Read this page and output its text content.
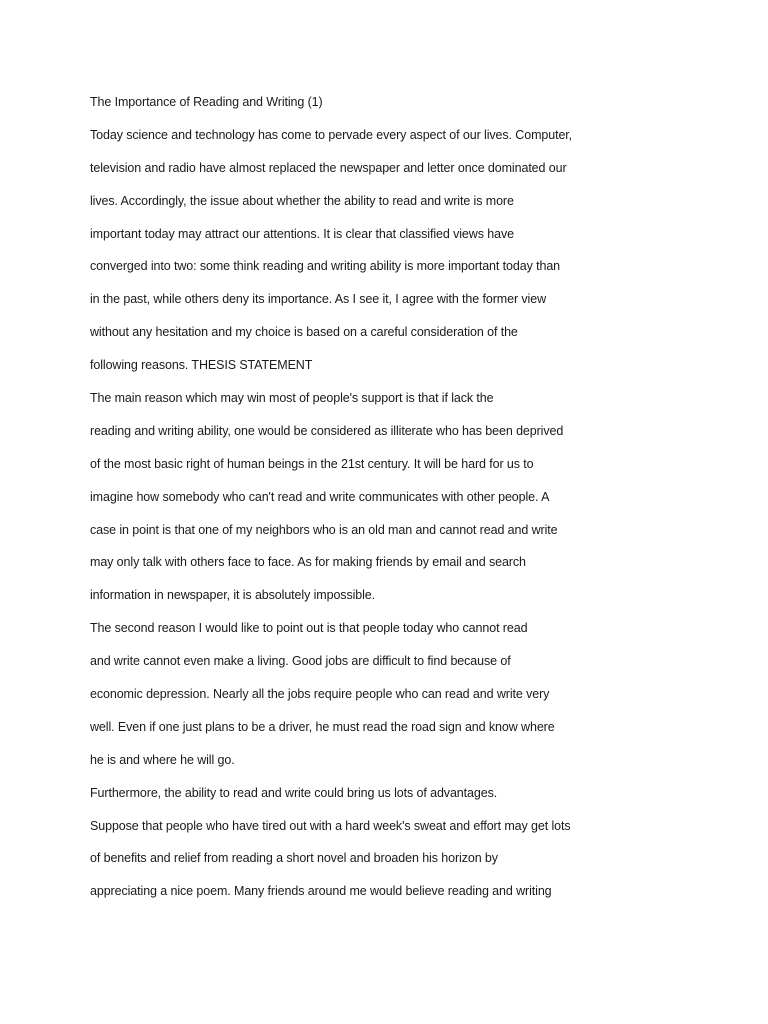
The Importance of Reading and Writing (1)
Today science and technology has come to pervade every aspect of our lives. Computer,
television and radio have almost replaced the newspaper and letter once dominated our
lives. Accordingly, the issue about whether the ability to read and write is more
important today may attract our attentions. It is clear that classified views have
converged into two: some think reading and writing ability is more important today than
in the past, while others deny its importance. As I see it, I agree with the former view
without any hesitation and my choice is based on a careful consideration of the
following reasons. THESIS STATEMENT
The main reason which may win most of people's support is that if lack the
reading and writing ability, one would be considered as illiterate who has been deprived
of the most basic right of human beings in the 21st century. It will be hard for us to
imagine how somebody who can't read and write communicates with other people. A
case in point is that one of my neighbors who is an old man and cannot read and write
may only talk with others face to face. As for making friends by email and search
information in newspaper, it is absolutely impossible.
The second reason I would like to point out is that people today who cannot read
and write cannot even make a living. Good jobs are difficult to find because of
economic depression. Nearly all the jobs require people who can read and write very
well. Even if one just plans to be a driver, he must read the road sign and know where
he is and where he will go.
Furthermore, the ability to read and write could bring us lots of advantages.
Suppose that people who have tired out with a hard week's sweat and effort may get lots
of benefits and relief from reading a short novel and broaden his horizon by
appreciating a nice poem. Many friends around me would believe reading and writing
